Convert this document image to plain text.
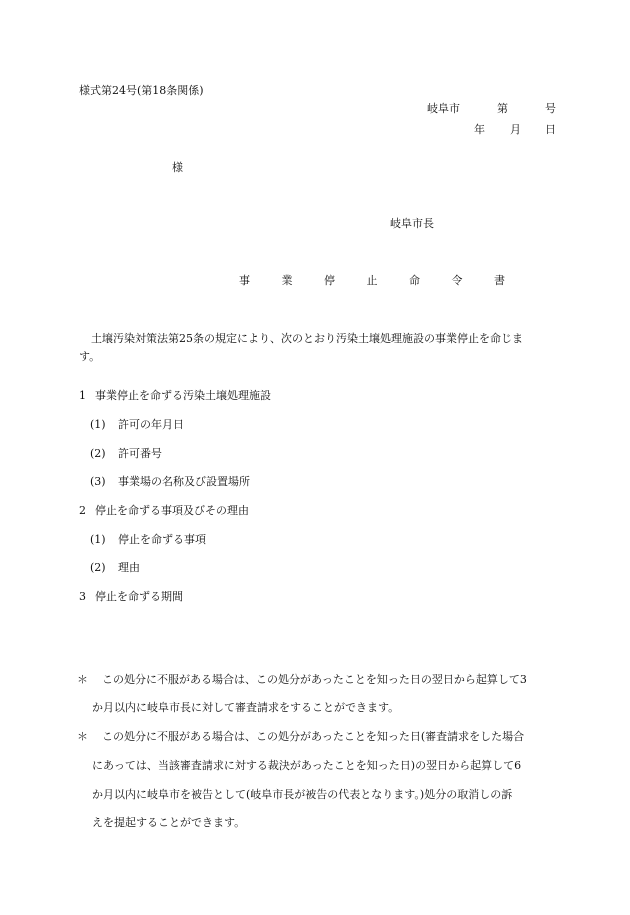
様式第24号(第18条関係)
岐阜市	第	号
年 月 日
様
岐阜市長
事 業 停 止 命 令 書
土壌汚染対策法第25条の規定により、次のとおり汚染土壌処理施設の事業停止を命じま
す。
1 事業停止を命ずる汚染土壌処理施設
(1) 許可の年月日
(2) 許可番号
(3) 事業場の名称及び設置場所
2 停止を命ずる事項及びその理由
(1) 停止を命ずる事項
(2) 理由
3 停止を命ずる期間
＊ この処分に不服がある場合は、この処分があったことを知った日の翌日から起算して3
か月以内に岐阜市長に対して審査請求をすることができます。
＊ この処分に不服がある場合は、この処分があったことを知った日(審査請求をした場合
にあっては、当該審査請求に対する裁決があったことを知った日)の翌日から起算して6
か月以内に岐阜市を被告として(岐阜市長が被告の代表となります。)処分の取消しの訴
えを提起することができます。
